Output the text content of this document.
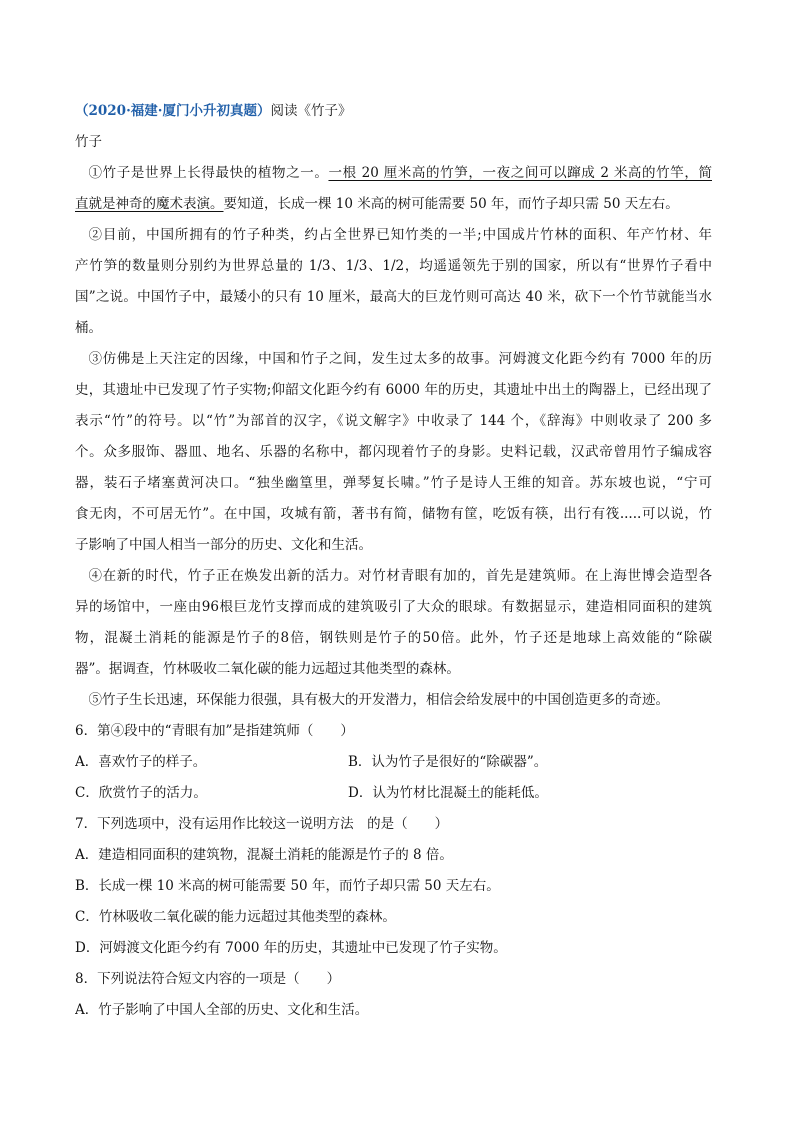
（2020·福建·厦门小升初真题）阅读《竹子》
竹子
①竹子是世界上长得最快的植物之一。一根 20 厘米高的竹笋，一夜之间可以蹿成 2 米高的竹竿，简
直就是神奇的魔术表演。要知道，长成一棵 10 米高的树可能需要 50 年，而竹子却只需 50 天左右。
②目前，中国所拥有的竹子种类，约占全世界已知竹类的一半;中国成片竹林的面积、年产竹材、年
产竹笋的数量则分别约为世界总量的 1/3、1/3、1/2，均遥遥领先于别的国家，所以有“世界竹子看中
国”之说。中国竹子中，最矮小的只有 10 厘米，最高大的巨龙竹则可高达 40 米，砍下一个竹节就能当水
桶。
③仿佛是上天注定的因缘，中国和竹子之间，发生过太多的故事。河姆渡文化距今约有 7000 年的历
史，其遗址中已发现了竹子实物;仰韶文化距今约有 6000 年的历史，其遗址中出土的陶器上，已经出现了
表示“竹”的符号。以“竹”为部首的汉字，《说文解字》中收录了 144 个，《辞海》中则收录了 200 多
个。众多服饰、器皿、地名、乐器的名称中，都闪现着竹子的身影。史料记载，汉武帝曾用竹子编成容
器，装石子堵塞黄河决口。“独坐幽篁里，弹琴复长啸。”竹子是诗人王维的知音。苏东坡也说，“宁可
食无肉，不可居无竹”。在中国，攻城有箭，著书有简，储物有筐，吃饭有筷，出行有筏.....可以说，竹
子影响了中国人相当一部分的历史、文化和生活。
④在新的时代，竹子正在焕发出新的活力。对竹材青眼有加的，首先是建筑师。在上海世博会造型各
异的场馆中，一座由96根巨龙竹支撑而成的建筑吸引了大众的眼球。有数据显示，建造相同面积的建筑
物，混凝土消耗的能源是竹子的8倍，钢铁则是竹子的50倍。此外，竹子还是地球上高效能的“除碳
器”。据调查，竹林吸收二氧化碳的能力远超过其他类型的森林。
⑤竹子生长迅速，环保能力很强，具有极大的开发潜力，相信会给发展中的中国创造更多的奇迹。
6．第④段中的“青眼有加”是指建筑师（　　）
A．喜欢竹子的样子。	B．认为竹子是很好的“除碳器”。
C．欣赏竹子的活力。	D．认为竹材比混凝土的能耗低。
7．下列选项中，没有运用作比较这一说明方法　的是（　　）
A．建造相同面积的建筑物，混凝土消耗的能源是竹子的 8 倍。
B．长成一棵 10 米高的树可能需要 50 年，而竹子却只需 50 天左右。
C．竹林吸收二氧化碳的能力远超过其他类型的森林。
D．河姆渡文化距今约有 7000 年的历史，其遗址中已发现了竹子实物。
8．下列说法符合短文内容的一项是（　　）
A．竹子影响了中国人全部的历史、文化和生活。
